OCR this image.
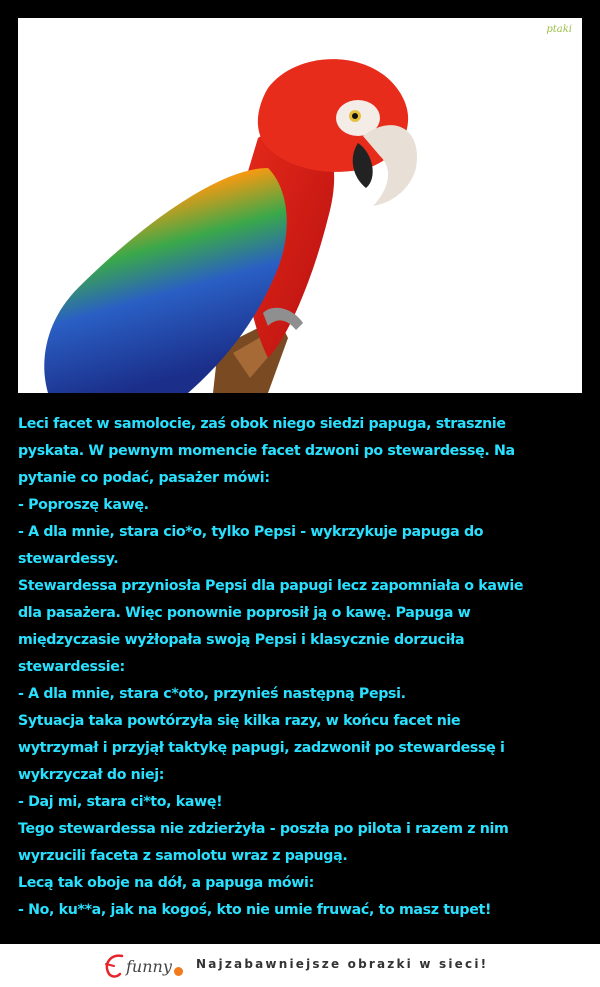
ptaki

Leci facet w samolocie, zaś obok niego siedzi papuga, strasznie

pyskata. W pewnym momencie facet dzwoni po stewardessę. Na

pytanie co podać, pasażer mówi:

- Poproszę kawę.

- A dla mnie, stara cio*o, tylko Pepsi - wykrzykuje papuga do

stewardessy.

Stewardessa przyniosła Pepsi dla papugi lecz zapomniała o kawie

dla pasażera. Więc ponownie poprosił ją o kawę. Papuga w

międzyczasie wyżłopała swoją Pepsi i klasycznie dorzuciła

stewardessie:

- A dla mnie, stara c*oto, przynieś następną Pepsi.

Sytuacja taka powtórzyła się kilka razy, w końcu facet nie

wytrzymał i przyjął taktykę papugi, zadzwonił po stewardessę i

wykrzyczał do niej:

- Daj mi, stara ci*to, kawę!

Tego stewardessa nie zdzierżyła - poszła po pilota i razem z nim

wyrzucili faceta z samolotu wraz z papugą.

Lecą tak oboje na dół, a papuga mówi:

- No, ku**a, jak na kogoś, kto nie umie fruwać, to masz tupet!

funny Najzabawniejsze obrazki w sieci!
